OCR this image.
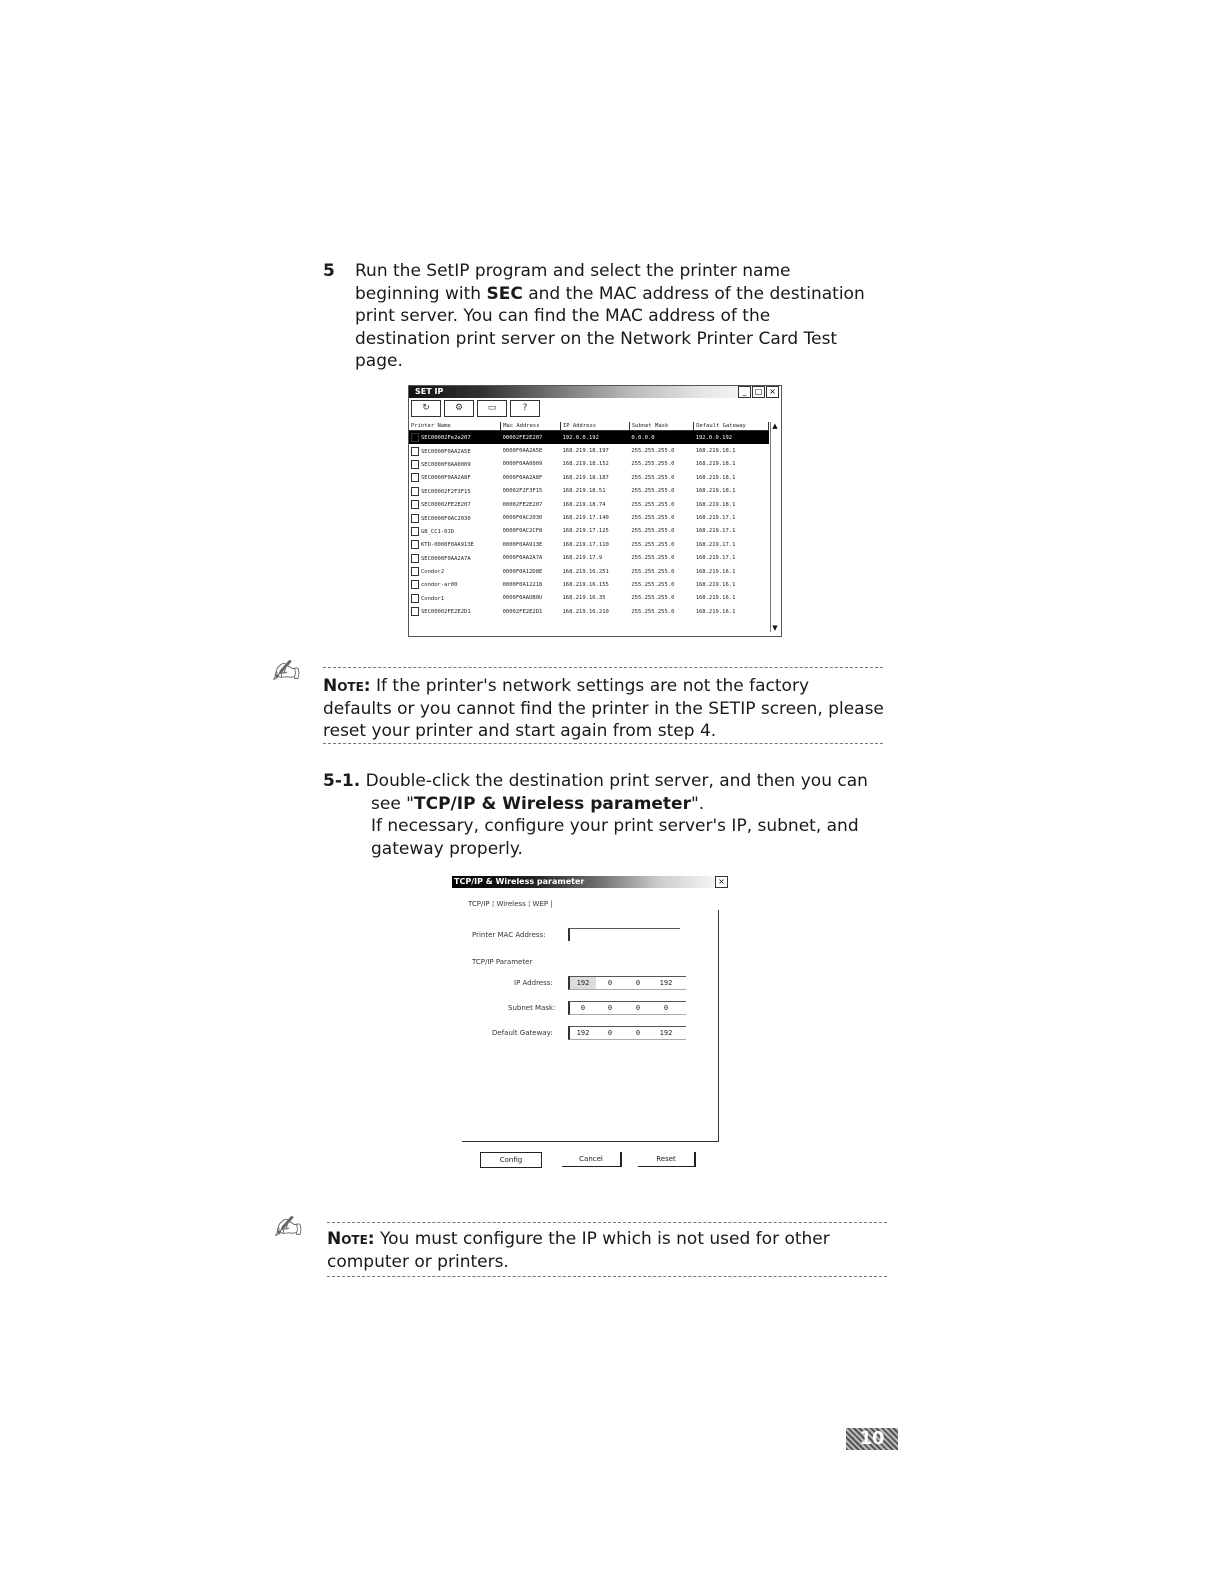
5 Run the SetIP program and select the printer name
beginning with SEC and the MAC address of the destination
print server. You can find the MAC address of the
destination print server on the Network Printer Card Test
page.
SET IP	_	□ ×
↻	⚙	▭	?
Printer Name	Mac Address	IP Address	Subnet Mask	Default Gateway
SEC00002Fe2e207	00002FE2E207	192.0.0.192	0.0.0.0	192.0.0.192
SEC0000F0AA2A5E	0000F0AA2A5E	168.219.18.197	255.255.255.0	168.219.18.1
SEC0000F0AA0009	0000F0AA0009	168.219.18.152	255.255.255.0	168.219.18.1
SEC0000F0AA2A8F	0000F0AA2A8F	168.219.18.187	255.255.255.0	168.219.18.1
SEC00002F2F3F15	00002F2F3F15	168.219.18.51	255.255.255.0	168.219.18.1
SEC00002FE2E207	00002FE2E207	168.219.18.74	255.255.255.0	168.219.18.1
SEC0000F0AC2030	0000F0AC2030	168.219.17.140	255.255.255.0	168.219.17.1
GB_CC1-0JD	0000F0AC2CF8	168.219.17.125	255.255.255.0	168.219.17.1
KTD-0000F0AA913E	0000F0AA913E	168.219.17.110	255.255.255.0	168.219.17.1
SEC0000F0AA2A7A	0000F0AA2A7A	168.219.17.9	255.255.255.0	168.219.17.1
Condor2	0000F0A12D8E	168.219.16.251	255.255.255.0	168.219.16.1
condor-ar00	0000F0A12218	168.219.16.155	255.255.255.0	168.219.16.1
Condor1	0000F0AAUB0U	168.219.16.35	255.255.255.0	168.219.16.1
SEC00002FE2E2D1	00002FE2E2D1	168.219.16.210	255.255.255.0	168.219.16.1
▲
▼
✍	Note: If the printer's network settings are not the factory
defaults or you cannot find the printer in the SETIP screen, please
reset your printer and start again from step 4.
5-1. Double-click the destination print server, and then you can
see "TCP/IP & Wireless parameter".
If necessary, configure your print server's IP, subnet, and
gateway properly.
TCP/IP & Wireless parameter	×
TCP/IP ¦ Wireless ¦ WEP |
Printer MAC Address:
TCP/IP Parameter
IP Address:	192	0	0	192
Subnet Mask:	0	0	0	0
Default Gateway:	192	0	0	192
Config	Cancel	Reset
✍	Note: You must configure the IP which is not used for other
computer or printers.
10
